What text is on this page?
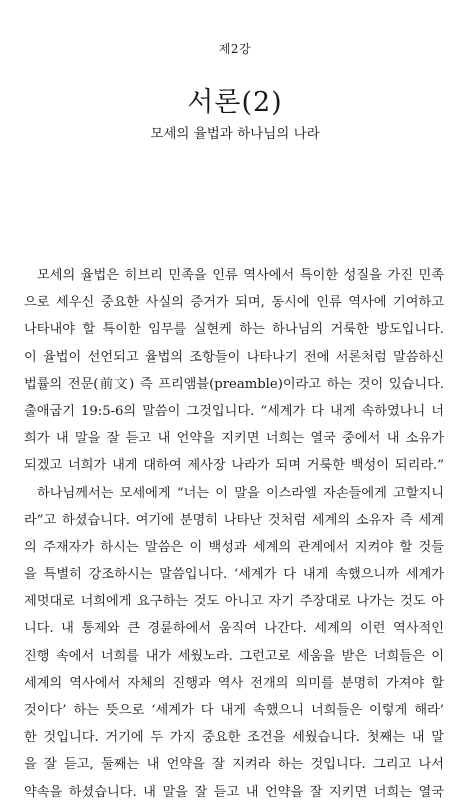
제2강
서론(2)
모세의 율법과 하나님의 나라
모세의 율법은 히브리 민족을 인류 역사에서 특이한 성질을 가진 민족
으로 세우신 중요한 사실의 증거가 되며, 동시에 인류 역사에 기여하고
나타내야 할 특이한 임무를 실현케 하는 하나님의 거룩한 방도입니다.
이 율법이 선언되고 율법의 조항들이 나타나기 전에 서론처럼 말씀하신
법률의 전문(前文) 즉 프리앰블(preamble)이라고 하는 것이 있습니다.
출애굽기 19:5-6의 말씀이 그것입니다. “세계가 다 내게 속하였나니 너
희가 내 말을 잘 듣고 내 언약을 지키면 너희는 열국 중에서 내 소유가
되겠고 너희가 내게 대하여 제사장 나라가 되며 거룩한 백성이 되리라.”
하나님께서는 모세에게 “너는 이 말을 이스라엘 자손들에게 고할지니
라”고 하셨습니다. 여기에 분명히 나타난 것처럼 세계의 소유자 즉 세계
의 주재자가 하시는 말씀은 이 백성과 세계의 관계에서 지켜야 할 것들
을 특별히 강조하시는 말씀입니다. ‘세계가 다 내게 속했으니까 세계가
제멋대로 너희에게 요구하는 것도 아니고 자기 주장대로 나가는 것도 아
니다. 내 통제와 큰 경륜하에서 움직여 나간다. 세계의 이런 역사적인
진행 속에서 너희를 내가 세웠노라. 그런고로 세움을 받은 너희들은 이
세계의 역사에서 자체의 진행과 역사 전개의 의미를 분명히 가져야 할
것이다’ 하는 뜻으로 ‘세계가 다 내게 속했으니 너희들은 이렇게 해라’
한 것입니다. 거기에 두 가지 중요한 조건을 세웠습니다. 첫째는 내 말
을 잘 듣고, 둘째는 내 언약을 잘 지켜라 하는 것입니다. 그리고 나서
약속을 하셨습니다. 내 말을 잘 듣고 내 언약을 잘 지키면 너희는 열국
